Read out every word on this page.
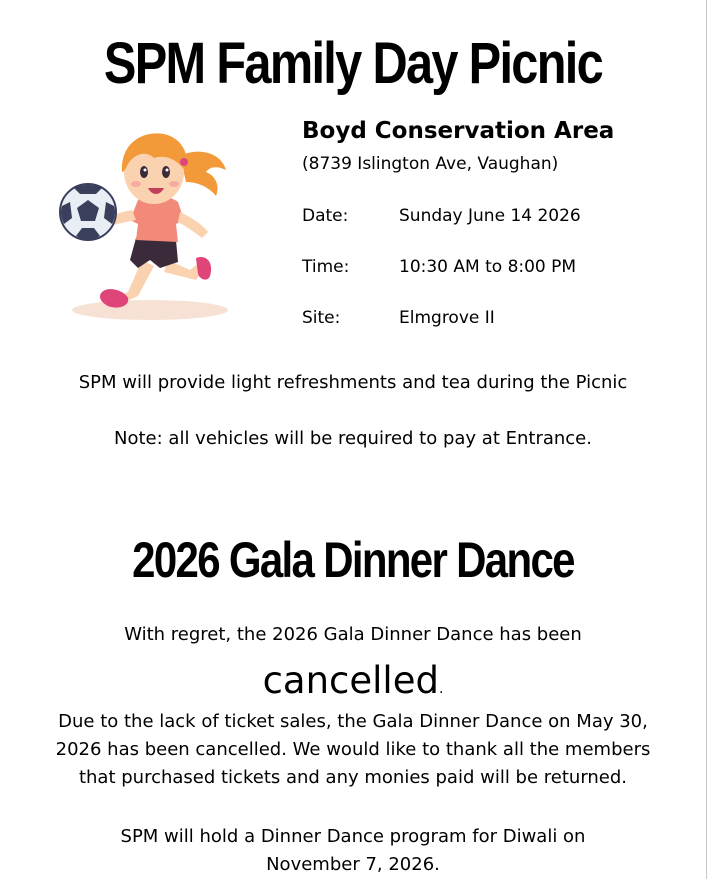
SPM Family Day Picnic
Boyd Conservation Area
(8739 Islington Ave, Vaughan)
Date:	Sunday June 14 2026
Time:	10:30 AM to 8:00 PM
Site:	Elmgrove II
SPM will provide light refreshments and tea during the Picnic
Note: all vehicles will be required to pay at Entrance.
2026 Gala Dinner Dance
With regret, the 2026 Gala Dinner Dance has been
cancelled.
Due to the lack of ticket sales, the Gala Dinner Dance on May 30,
2026 has been cancelled. We would like to thank all the members
that purchased tickets and any monies paid will be returned.
SPM will hold a Dinner Dance program for Diwali on
November 7, 2026.
